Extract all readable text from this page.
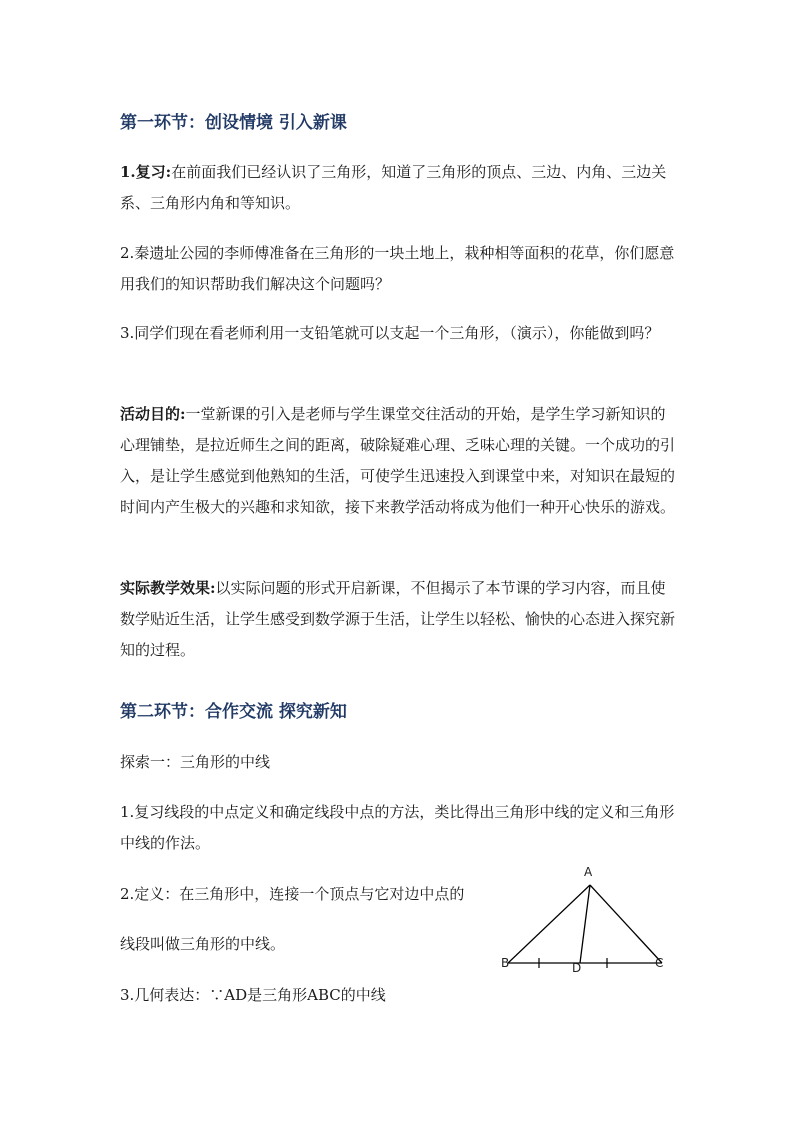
第一环节：创设情境 引入新课

1.复习:在前面我们已经认识了三角形，知道了三角形的顶点、三边、内角、三边关系、三角形内角和等知识。

2.秦遗址公园的李师傅准备在三角形的一块土地上，栽种相等面积的花草，你们愿意用我们的知识帮助我们解决这个问题吗？

3.同学们现在看老师利用一支铅笔就可以支起一个三角形，（演示），你能做到吗？

活动目的:一堂新课的引入是老师与学生课堂交往活动的开始，是学生学习新知识的心理铺垫，是拉近师生之间的距离，破除疑难心理、乏味心理的关键。一个成功的引入，是让学生感觉到他熟知的生活，可使学生迅速投入到课堂中来，对知识在最短的时间内产生极大的兴趣和求知欲，接下来教学活动将成为他们一种开心快乐的游戏。

实际教学效果:以实际问题的形式开启新课，不但揭示了本节课的学习内容，而且使数学贴近生活，让学生感受到数学源于生活，让学生以轻松、愉快的心态进入探究新知的过程。

第二环节：合作交流 探究新知

探索一：三角形的中线

1.复习线段的中点定义和确定线段中点的方法，类比得出三角形中线的定义和三角形中线的作法。

2.定义：在三角形中，连接一个顶点与它对边中点的

线段叫做三角形的中线。

3.几何表达：∵AD是三角形ABC的中线

A
B	D	C
